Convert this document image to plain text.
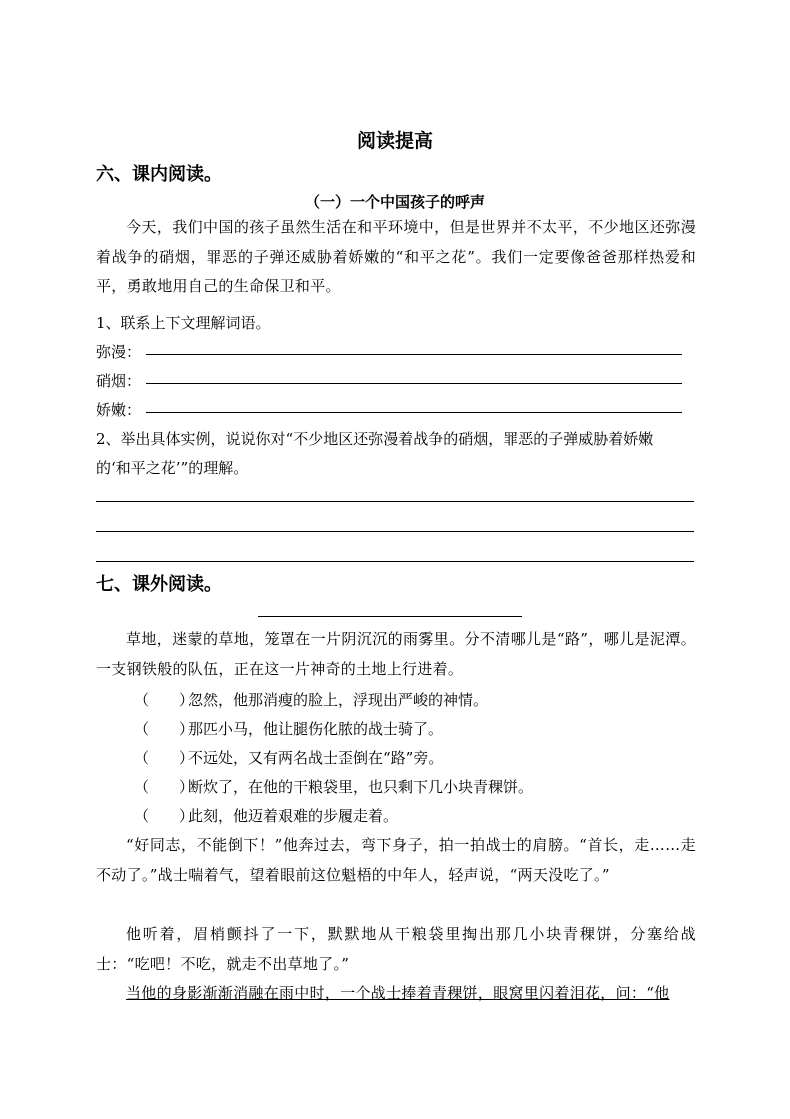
阅读提高
六、课内阅读。
（一）一个中国孩子的呼声
今天，我们中国的孩子虽然生活在和平环境中，但是世界并不太平，不少地区还弥漫着战争的硝烟，罪恶的子弹还威胁着娇嫩的“和平之花”。我们一定要像爸爸那样热爱和平，勇敢地用自己的生命保卫和平。
1、联系上下文理解词语。
弥漫：
硝烟：
娇嫩：
2、举出具体实例，说说你对“不少地区还弥漫着战争的硝烟，罪恶的子弹威胁着娇嫩
的‘和平之花’”的理解。
七、课外阅读。
草地，迷蒙的草地，笼罩在一片阴沉沉的雨雾里。分不清哪儿是“路”，哪儿是泥潭。一支钢铁般的队伍，正在这一片神奇的土地上行进着。
（　　）忽然，他那消瘦的脸上，浮现出严峻的神情。
（　　）那匹小马，他让腿伤化脓的战士骑了。
（　　）不远处，又有两名战士歪倒在“路”旁。
（　　）断炊了，在他的干粮袋里，也只剩下几小块青稞饼。
（　　）此刻，他迈着艰难的步履走着。
“好同志，不能倒下！”他奔过去，弯下身子，拍一拍战士的肩膀。“首长，走……走不动了。”战士喘着气，望着眼前这位魁梧的中年人，轻声说，“两天没吃了。”
他听着，眉梢颤抖了一下，默默地从干粮袋里掏出那几小块青稞饼，分塞给战士：“吃吧！不吃，就走不出草地了。”
当他的身影渐渐消融在雨中时，一个战士捧着青稞饼，眼窝里闪着泪花，问：“他
